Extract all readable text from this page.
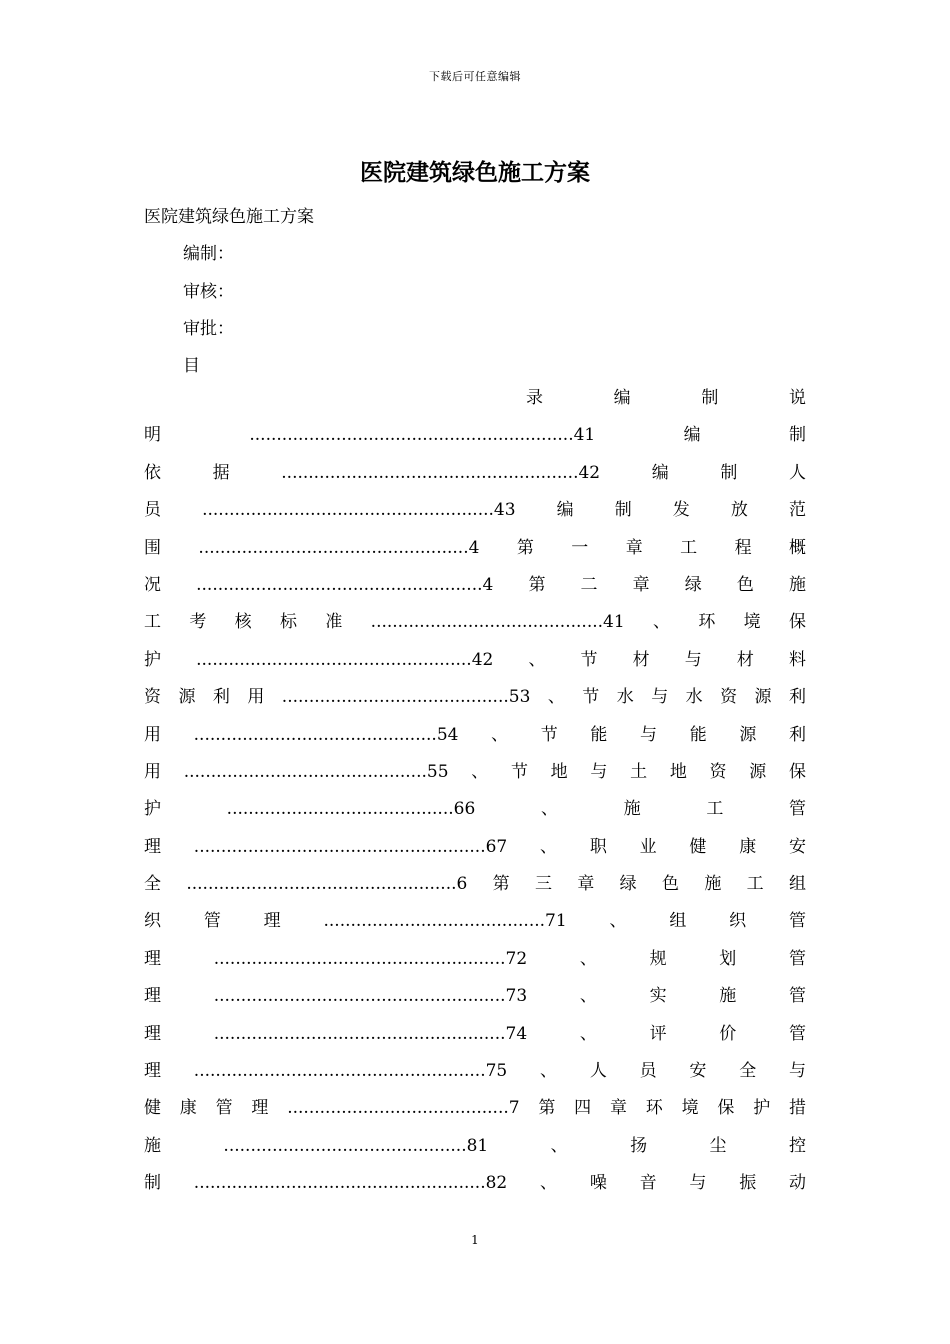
下载后可任意编辑
医院建筑绿色施工方案
医院建筑绿色施工方案
编制：
审核：
审批：
目
录　编　制　说
明............................................................41编制
依据.......................................................42编制人
员......................................................43编制发放范
围..................................................4第一章工程概
况.....................................................4第二章绿色施
工考核标准...........................................41、环境保
护...................................................42、节材与材料
资源利用..........................................53、节水与水资源利
用.............................................54、节能与能源利
用.............................................55、节地与土地资源保
护..........................................66、施工管
理......................................................67、职业健康安
全..................................................6第三章绿色施工组
织管理.........................................71、组织管
理......................................................72、规划管
理......................................................73、实施管
理......................................................74、评价管
理......................................................75、人员安全与
健康管理.........................................7第四章环境保护措
施.............................................81、扬尘控
制......................................................82、噪音与振动
1
